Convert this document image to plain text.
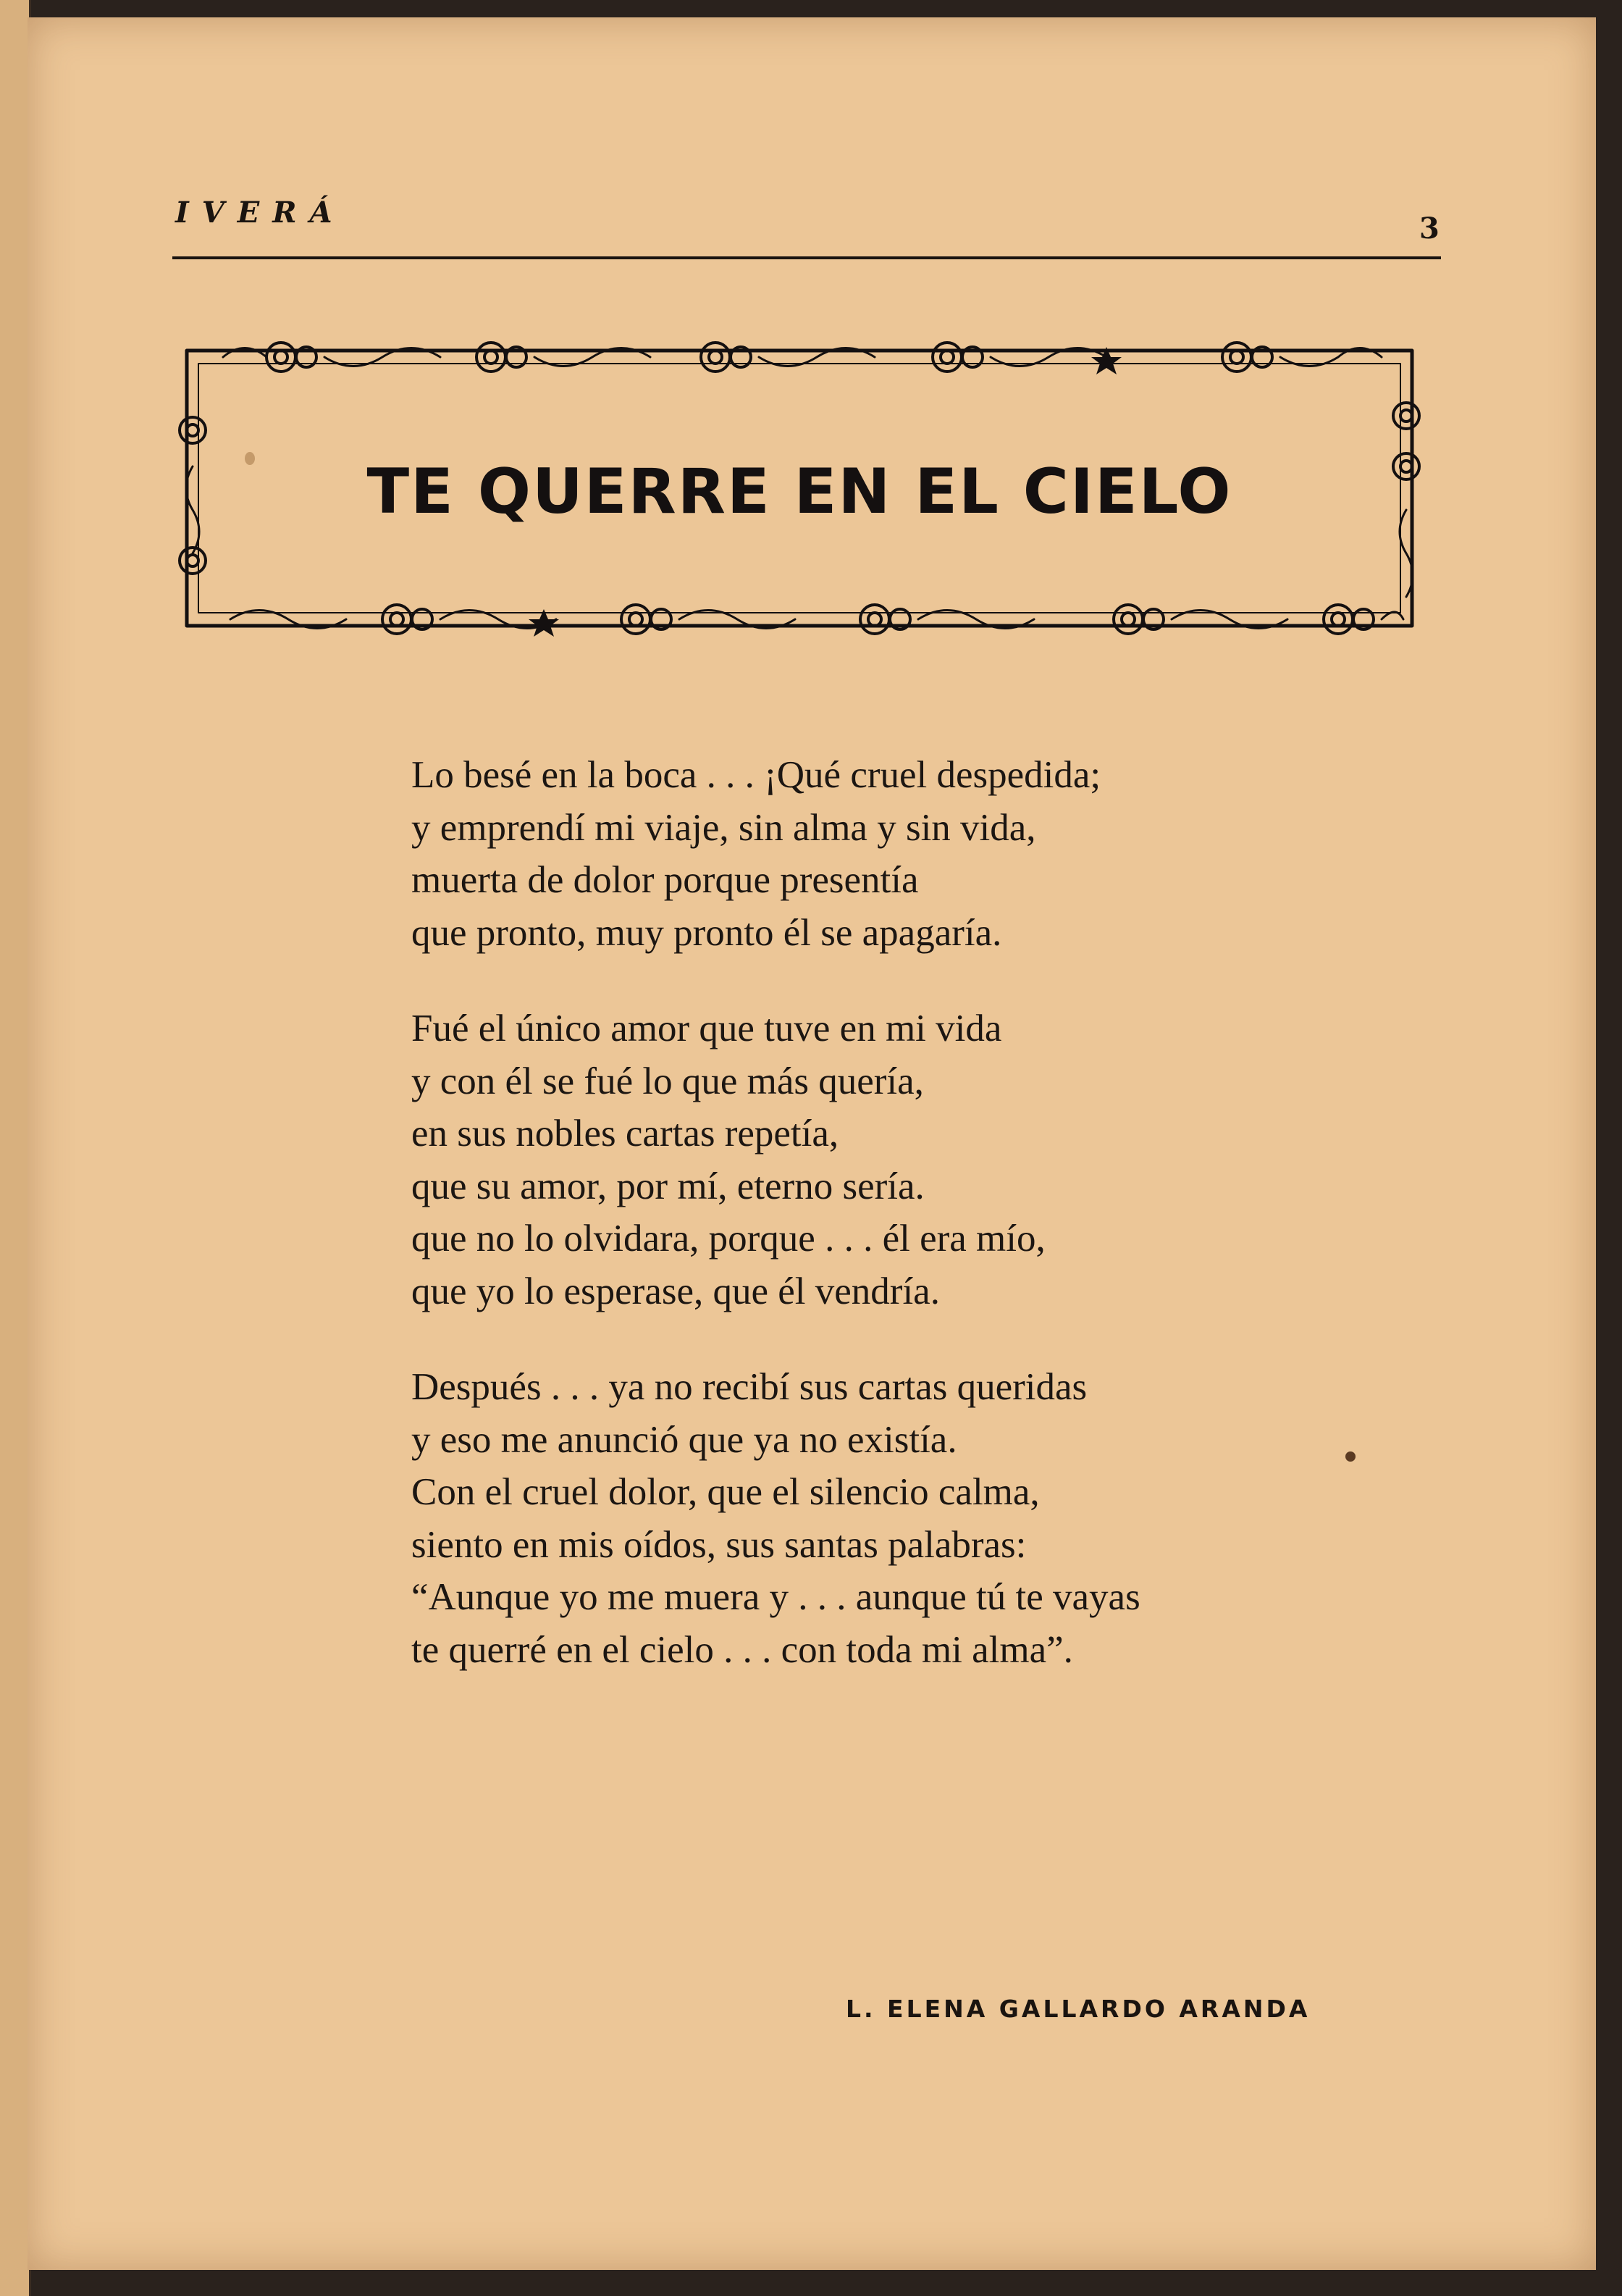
IVERÁ	3
TE QUERRE EN EL CIELO
Lo besé en la boca . . . ¡Qué cruel despedida;
y emprendí mi viaje, sin alma y sin vida,
muerta de dolor porque presentía
que pronto, muy pronto él se apagaría.
Fué el único amor que tuve en mi vida
y con él se fué lo que más quería,
en sus nobles cartas repetía,
que su amor, por mí, eterno sería.
que no lo olvidara, porque . . . él era mío,
que yo lo esperase, que él vendría.
Después . . . ya no recibí sus cartas queridas
y eso me anunció que ya no existía.
Con el cruel dolor, que el silencio calma,
siento en mis oídos, sus santas palabras:
“Aunque yo me muera y . . . aunque tú te vayas
te querré en el cielo . . . con toda mi alma”.
L. ELENA GALLARDO ARANDA
